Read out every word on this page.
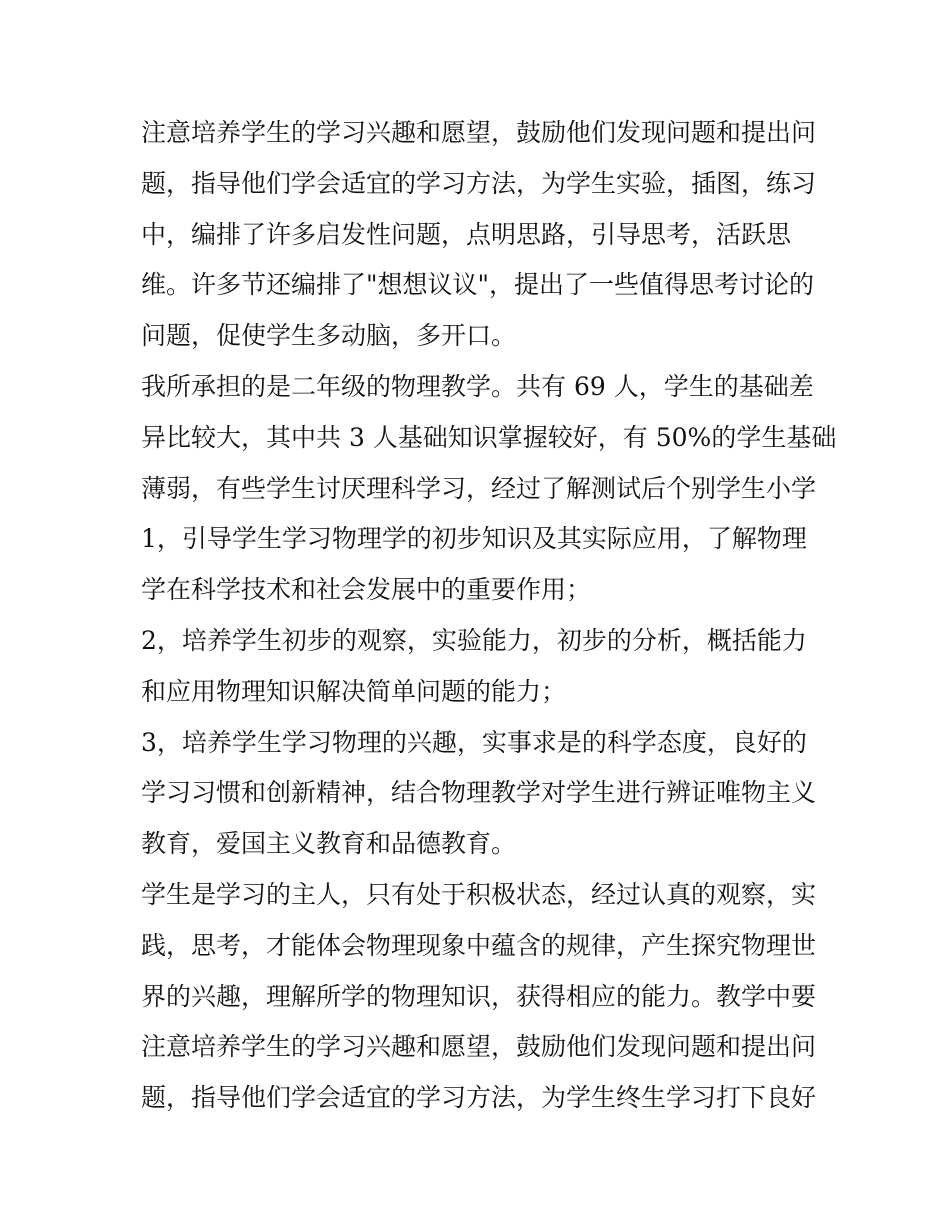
注意培养学生的学习兴趣和愿望，鼓励他们发现问题和提出问
题，指导他们学会适宜的学习方法，为学生实验，插图，练习
中，编排了许多启发性问题，点明思路，引导思考，活跃思
维。许多节还编排了"想想议议"，提出了一些值得思考讨论的
问题，促使学生多动脑，多开口。
我所承担的是二年级的物理教学。共有 69 人，学生的基础差
异比较大，其中共 3 人基础知识掌握较好，有 50%的学生基础
薄弱，有些学生讨厌理科学习，经过了解测试后个别学生小学
1，引导学生学习物理学的初步知识及其实际应用，了解物理
学在科学技术和社会发展中的重要作用；
2，培养学生初步的观察，实验能力，初步的分析，概括能力
和应用物理知识解决简单问题的能力；
3，培养学生学习物理的兴趣，实事求是的科学态度，良好的
学习习惯和创新精神，结合物理教学对学生进行辨证唯物主义
教育，爱国主义教育和品德教育。
学生是学习的主人，只有处于积极状态，经过认真的观察，实
践，思考，才能体会物理现象中蕴含的规律，产生探究物理世
界的兴趣，理解所学的物理知识，获得相应的能力。教学中要
注意培养学生的学习兴趣和愿望，鼓励他们发现问题和提出问
题，指导他们学会适宜的学习方法，为学生终生学习打下良好
